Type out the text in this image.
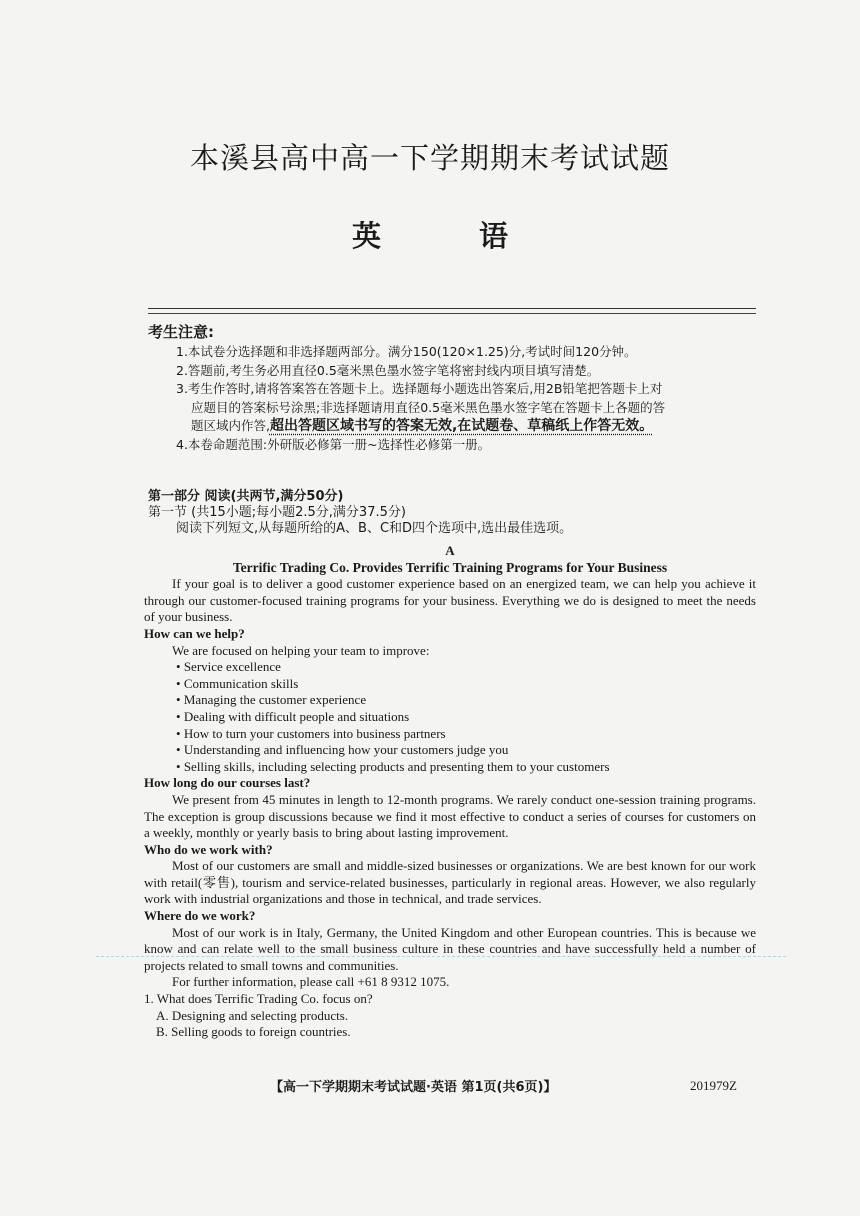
本溪县高中高一下学期期末考试试题
英 语
考生注意:

1.本试卷分选择题和非选择题两部分。满分150(120×1.25)分,考试时间120分钟。

2.答题前,考生务必用直径0.5毫米黑色墨水签字笔将密封线内项目填写清楚。

3.考生作答时,请将答案答在答题卡上。选择题每小题选出答案后,用2B铅笔把答题卡上对

应题目的答案标号涂黑;非选择题请用直径0.5毫米黑色墨水签字笔在答题卡上各题的答

题区域内作答,超出答题区域书写的答案无效,在试题卷、草稿纸上作答无效。

4.本卷命题范围:外研版必修第一册~选择性必修第一册。

第一部分 阅读(共两节,满分50分)
第一节 (共15小题;每小题2.5分,满分37.5分)
阅读下列短文,从每题所给的A、B、C和D四个选项中,选出最佳选项。
A
Terrific Trading Co. Provides Terrific Training Programs for Your Business

If your goal is to deliver a good customer experience based on an energized team, we can help you achieve it through our customer-focused training programs for your business. Everything we do is designed to meet the needs of your business.

How can we help?

We are focused on helping your team to improve:

• Service excellence
• Communication skills
• Managing the customer experience
• Dealing with difficult people and situations
• How to turn your customers into business partners
• Understanding and influencing how your customers judge you
• Selling skills, including selecting products and presenting them to your customers

How long do our courses last?

We present from 45 minutes in length to 12-month programs. We rarely conduct one-session training programs. The exception is group discussions because we find it most effective to conduct a series of courses for customers on a weekly, monthly or yearly basis to bring about lasting improvement.

Who do we work with?

Most of our customers are small and middle-sized businesses or organizations. We are best known for our work with retail(零售), tourism and service-related businesses, particularly in regional areas. However, we also regularly work with industrial organizations and those in technical, and trade services.

Where do we work?

Most of our work is in Italy, Germany, the United Kingdom and other European countries. This is because we know and can relate well to the small business culture in these countries and have successfully held a number of projects related to small towns and communities.

For further information, please call +61 8 9312 1075.

1. What does Terrific Trading Co. focus on?

A. Designing and selecting products.

B. Selling goods to foreign countries.

【高一下学期期末考试试题·英语 第1页(共6页)】	201979Z
